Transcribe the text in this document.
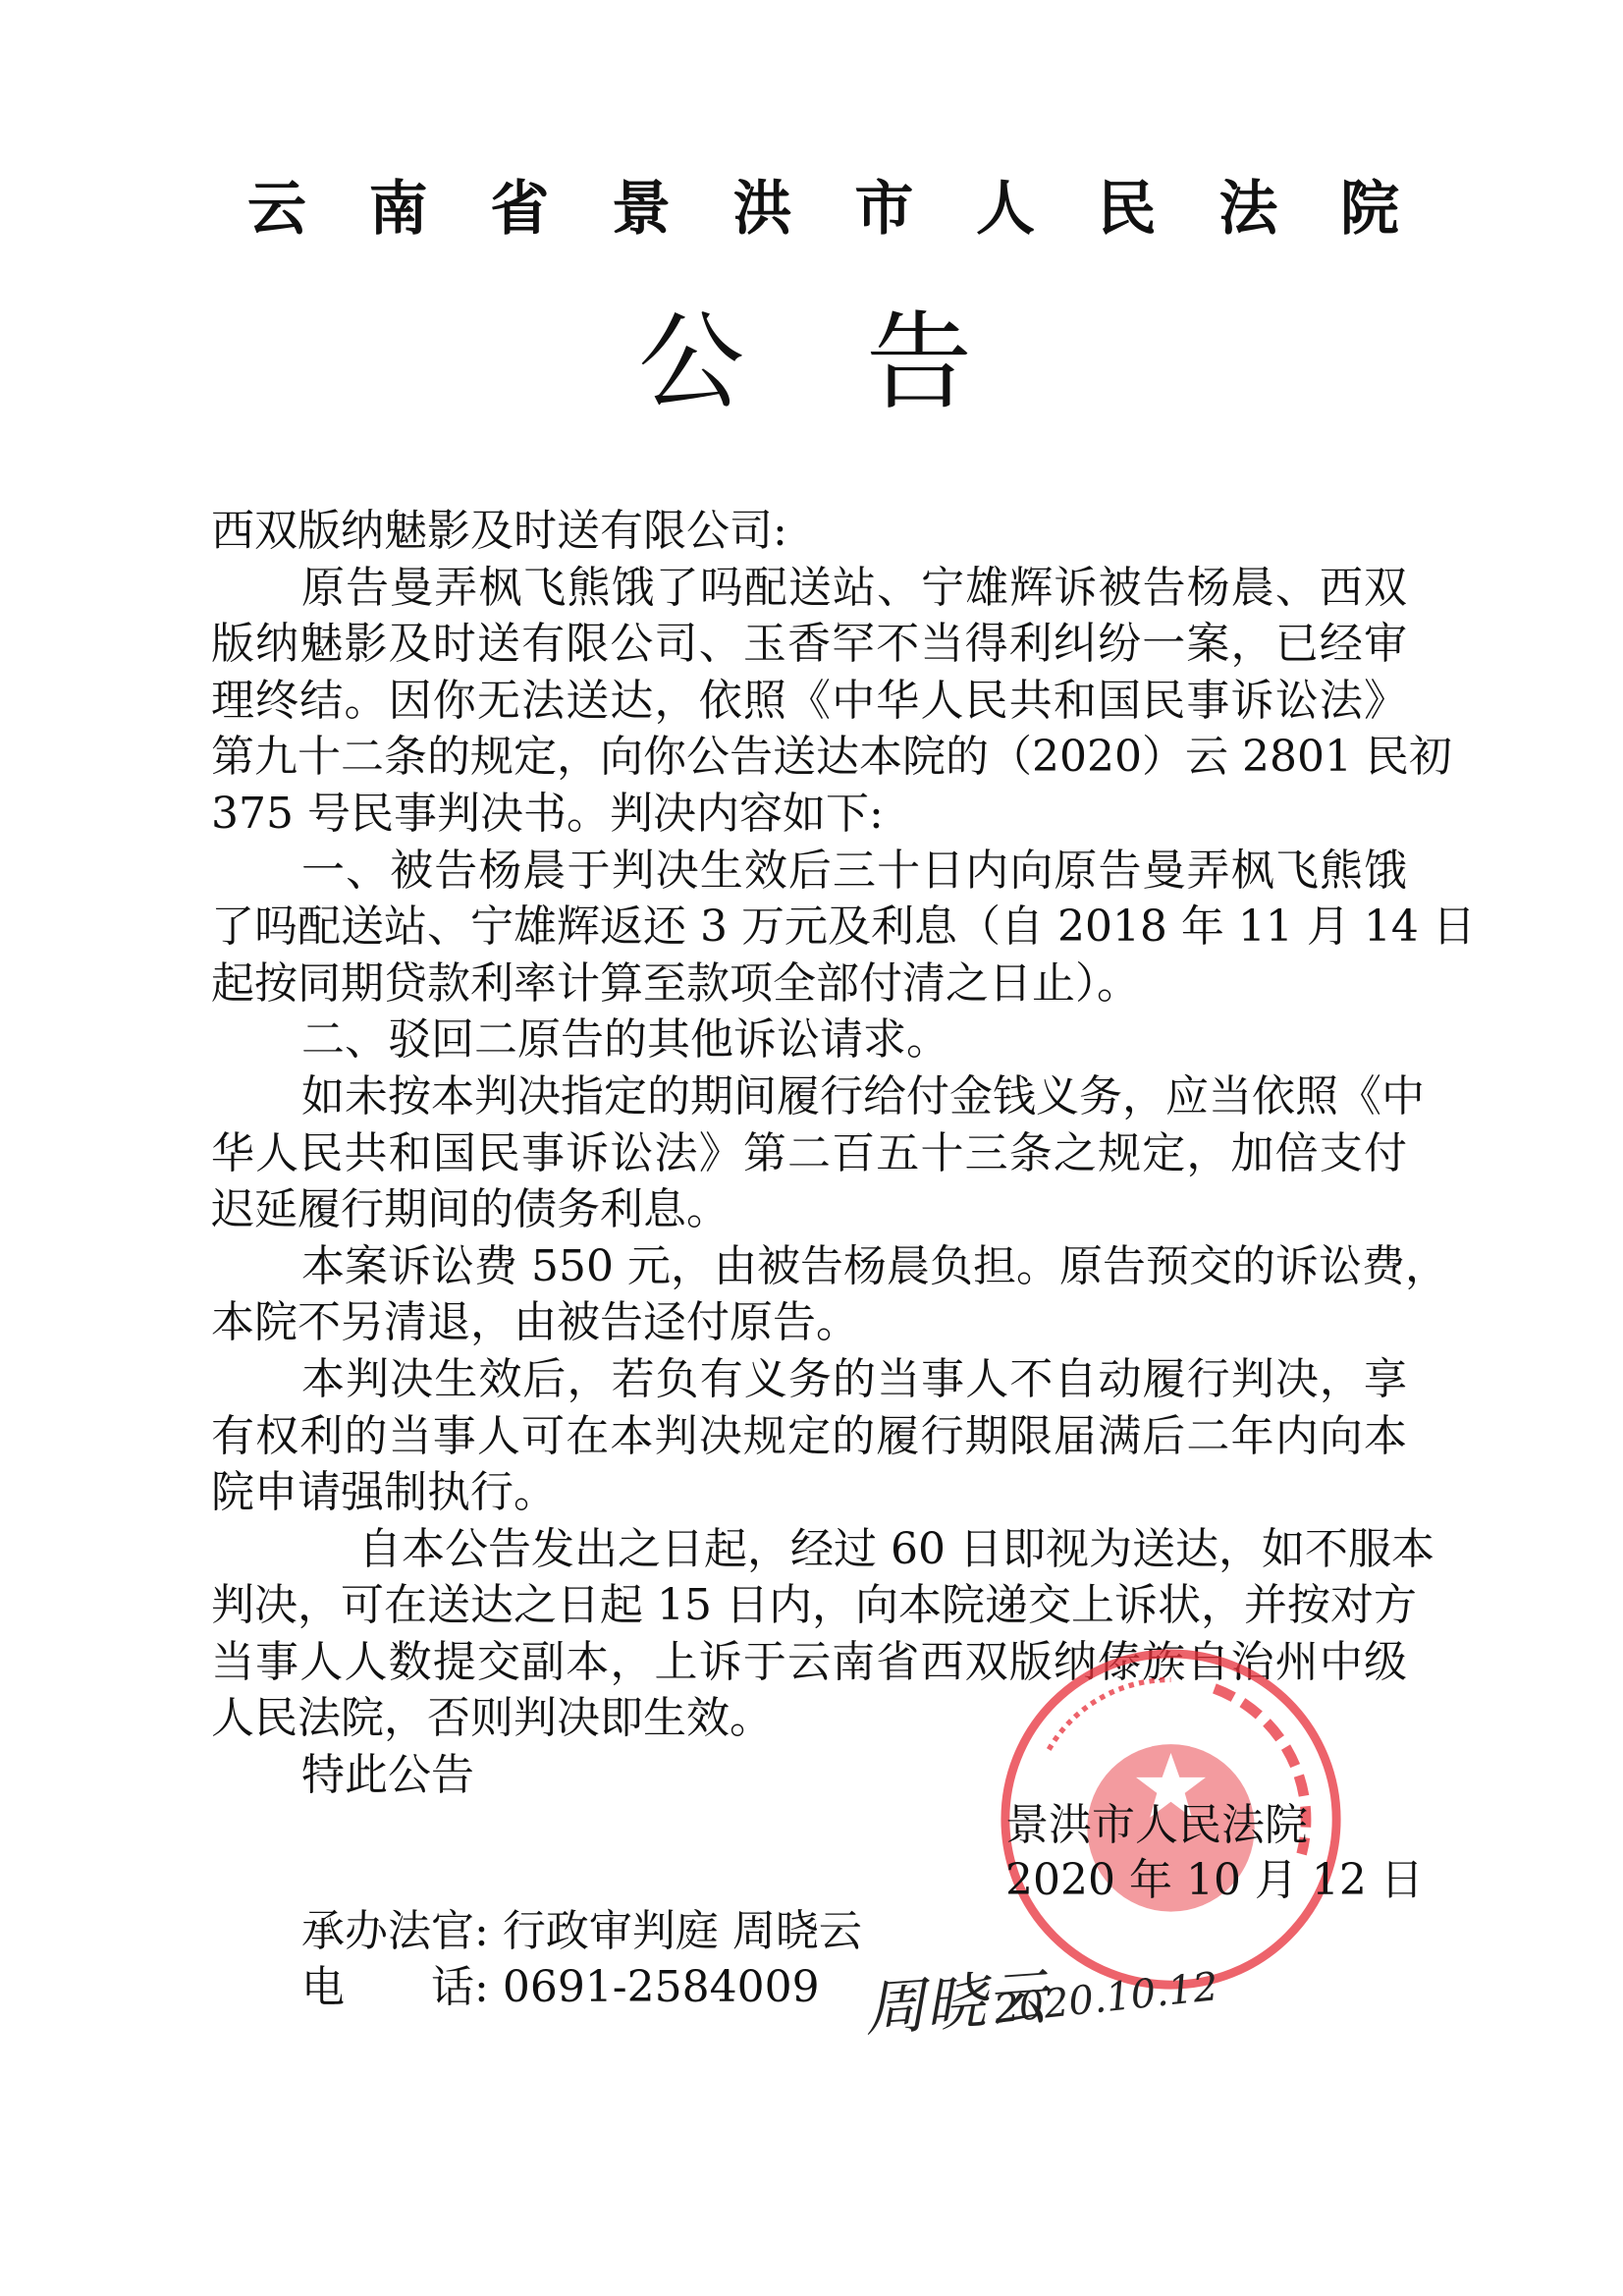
云南省景洪市人民法院
公告
西双版纳魅影及时送有限公司:
原告曼弄枫飞熊饿了吗配送站、宁雄辉诉被告杨晨、西双
版纳魅影及时送有限公司、玉香罕不当得利纠纷一案，已经审
理终结。因你无法送达，依照《中华人民共和国民事诉讼法》
第九十二条的规定，向你公告送达本院的（2020）云 2801 民初
375 号民事判决书。判决内容如下:
一、被告杨晨于判决生效后三十日内向原告曼弄枫飞熊饿
了吗配送站、宁雄辉返还 3 万元及利息（自 2018 年 11 月 14 日
起按同期贷款利率计算至款项全部付清之日止）。
二、驳回二原告的其他诉讼请求。
如未按本判决指定的期间履行给付金钱义务，应当依照《中
华人民共和国民事诉讼法》第二百五十三条之规定，加倍支付
迟延履行期间的债务利息。
本案诉讼费 550 元，由被告杨晨负担。原告预交的诉讼费，
本院不另清退，由被告迳付原告。
本判决生效后，若负有义务的当事人不自动履行判决，享
有权利的当事人可在本判决规定的履行期限届满后二年内向本
院申请强制执行。
自本公告发出之日起，经过 60 日即视为送达，如不服本
判决，可在送达之日起 15 日内，向本院递交上诉状，并按对方
当事人人数提交副本，上诉于云南省西双版纳傣族自治州中级
人民法院，否则判决即生效。
特此公告
景洪市人民法院
2020 年 10 月 12 日
承办法官: 行政审判庭 周晓云
电　　话: 0691-2584009 周晓云
2020.10.12
